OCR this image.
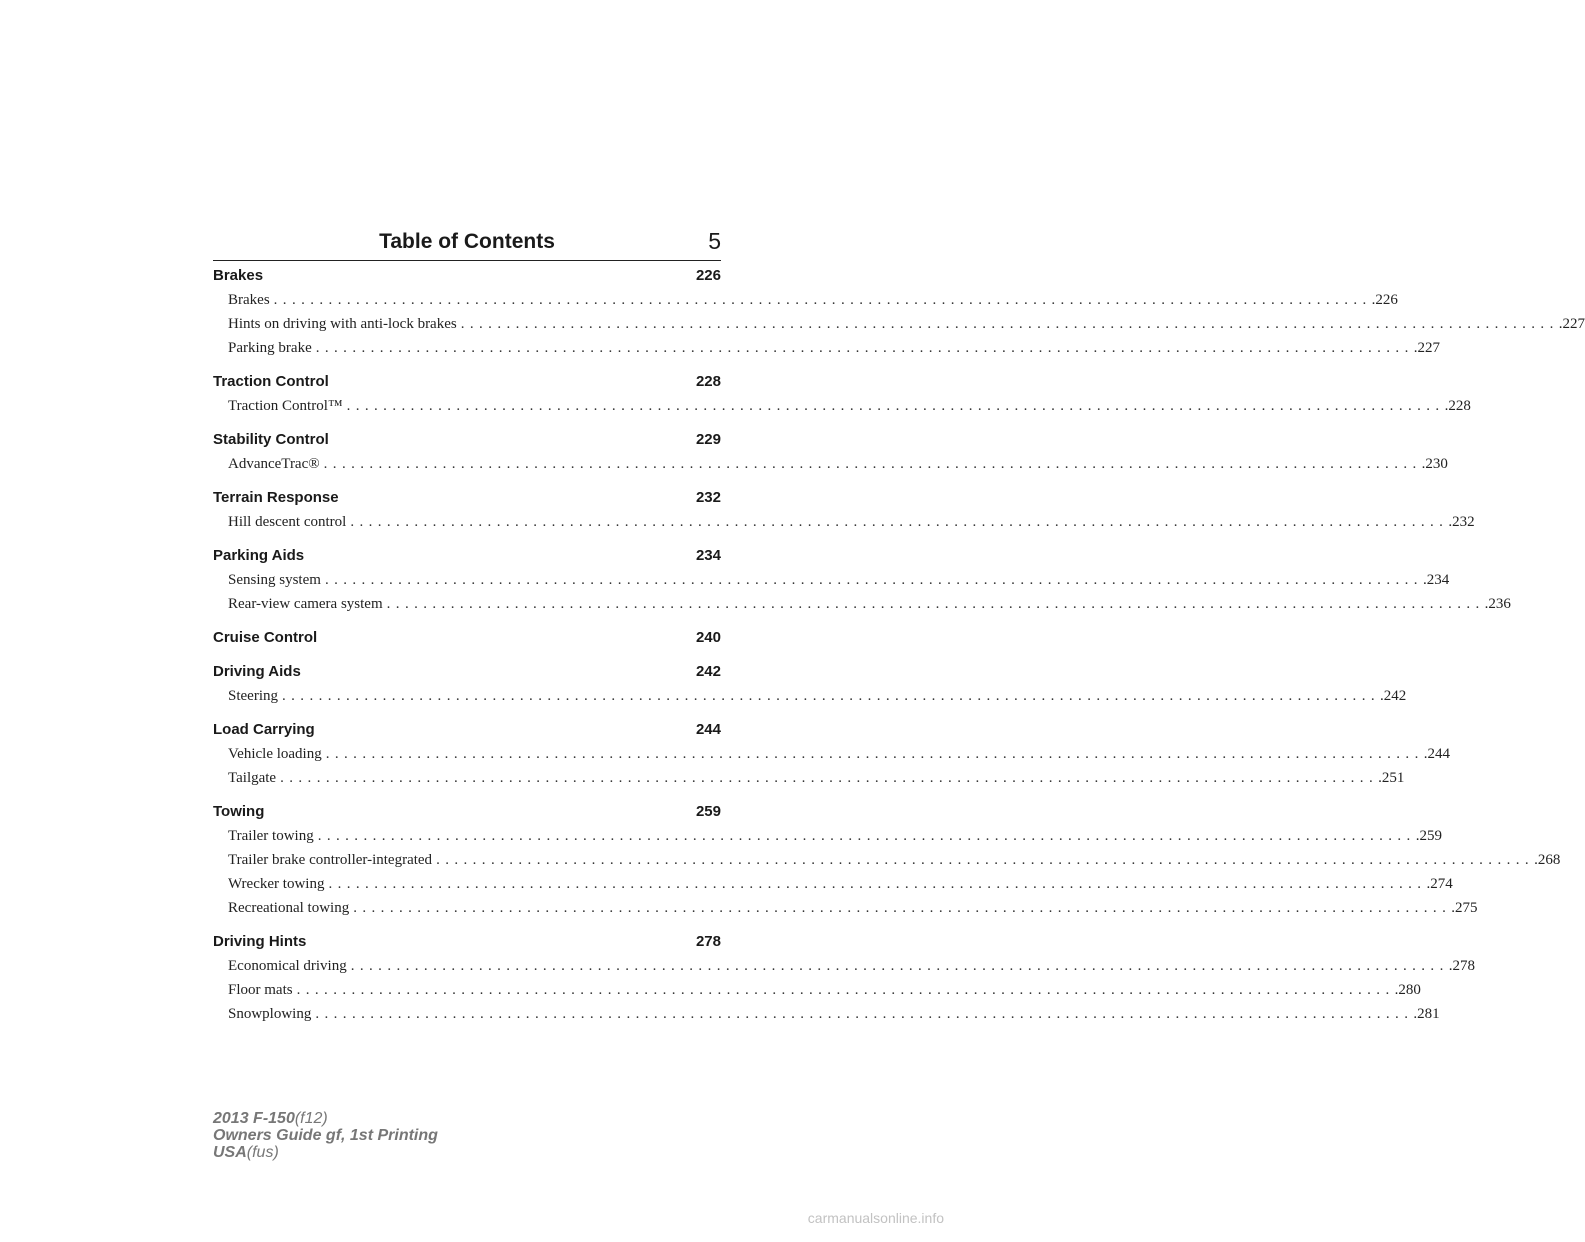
Table of Contents	5
Brakes	226
Brakes ........................................................................................................................ .226
Hints on driving with anti-lock brakes ........................................................................................................................ .227
Parking brake ........................................................................................................................ .227
Traction Control	228
Traction Control™ ........................................................................................................................ .228
Stability Control	229
AdvanceTrac® ........................................................................................................................ .230
Terrain Response	232
Hill descent control ........................................................................................................................ .232
Parking Aids	234
Sensing system ........................................................................................................................ .234
Rear-view camera system ........................................................................................................................ .236
Cruise Control	240
Driving Aids	242
Steering ........................................................................................................................ .242
Load Carrying	244
Vehicle loading ........................................................................................................................ .244
Tailgate ........................................................................................................................ .251
Towing	259
Trailer towing ........................................................................................................................ .259
Trailer brake controller-integrated ........................................................................................................................ .268
Wrecker towing ........................................................................................................................ .274
Recreational towing ........................................................................................................................ .275
Driving Hints	278
Economical driving ........................................................................................................................ .278
Floor mats ........................................................................................................................ .280
Snowplowing ........................................................................................................................ .281
2013 F-150(f12)
Owners Guide gf, 1st Printing
USA(fus)
carmanualsonline.info
